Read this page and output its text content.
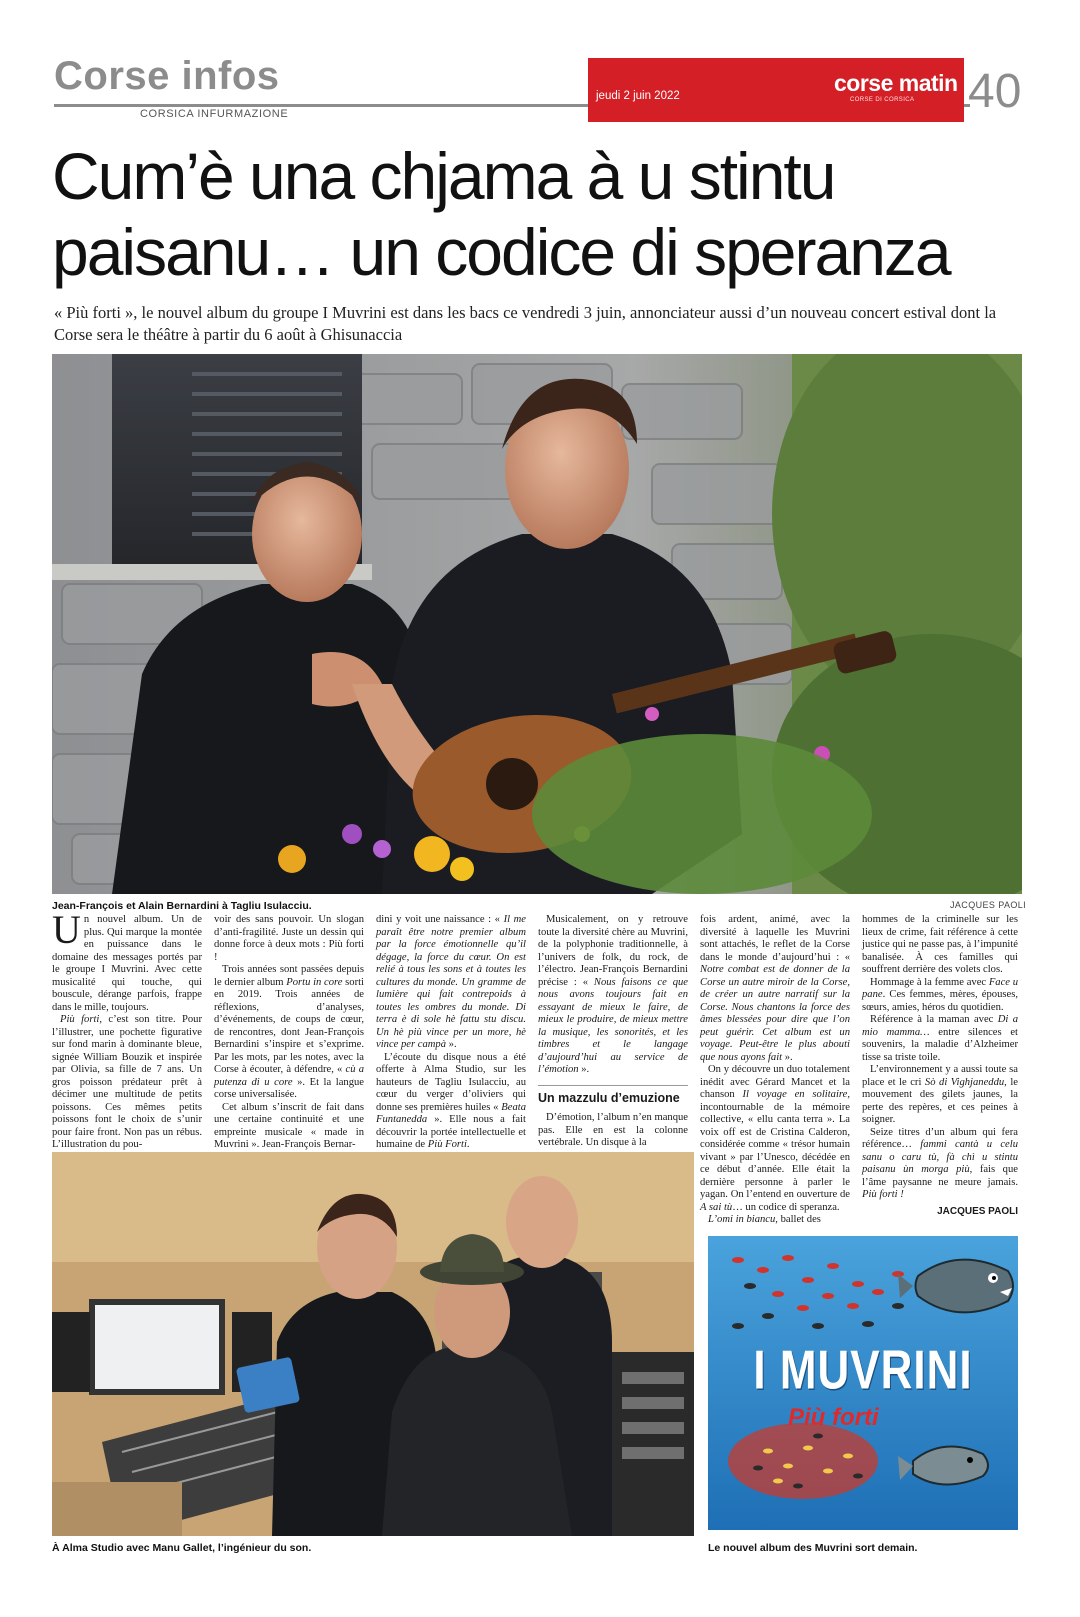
Corse infos
CORSICA INFURMAZIONE
jeudi 2 juin 2022	corse matin
CORSE DI CORSICA 40
Cum’è una chjama à u stintu
paisanu… un codice di speranza
« Più forti », le nouvel album du groupe I Muvrini est dans les bacs ce vendredi 3 juin, annonciateur aussi d’un nouveau concert estival dont la Corse sera le théâtre à partir du 6 août à Ghisunaccia
Jean-François et Alain Bernardini à Tagliu Isulacciu.	JACQUES PAOLI

Un nouvel album. Un de plus. Qui marque la montée en puissance dans le domaine des messages portés par le groupe I Muvrini. Avec cette musicalité qui touche, qui bouscule, dérange parfois, frappe dans le mille, toujours.

Più forti, c’est son titre. Pour l’illustrer, une pochette figurative sur fond marin à dominante bleue, signée William Bouzik et inspirée par Olivia, sa fille de 7 ans. Un gros poisson prédateur prêt à décimer une multitude de petits poissons. Ces mêmes petits poissons font le choix de s’unir pour faire front. Non pas un rébus. L’illustration du pou-

voir des sans pouvoir. Un slogan d’anti-fragilité. Juste un dessin qui donne force à deux mots : Più forti !

Trois années sont passées depuis le dernier album Portu in core sorti en 2019. Trois années de réflexions, d’analyses, d’événements, de coups de cœur, de rencontres, dont Jean-François Bernardini s’inspire et s’exprime. Par les mots, par les notes, avec la Corse à écouter, à défendre, « cù a putenza di u core ». Et la langue corse universalisée.

Cet album s’inscrit de fait dans une certaine continuité et une empreinte musicale « made in Muvrini ». Jean-François Bernar-

dini y voit une naissance : « Il me paraît être notre premier album par la force émotionnelle qu’il dégage, la force du cœur. On est relié à tous les sons et à toutes les cultures du monde. Un gramme de lumière qui fait contrepoids à toutes les ombres du monde. Di terra è di sole hè fattu stu discu. Un hè più vince per un more, hè vince per campà ».

L’écoute du disque nous a été offerte à Alma Studio, sur les hauteurs de Tagliu Isulacciu, au cœur du verger d’oliviers qui donne ses premières huiles « Beata Funtanedda ». Elle nous a fait découvrir la portée intellectuelle et humaine de Più Forti.

Musicalement, on y retrouve toute la diversité chère au Muvrini, de la polyphonie traditionnelle, à l’univers de folk, du rock, de l’électro. Jean-François Bernardini précise : « Nous faisons ce que nous avons toujours fait en essayant de mieux le faire, de mieux le produire, de mieux mettre la musique, les sonorités, et les timbres et le langage d’aujourd’hui au service de l’émotion ».

Un mazzulu d’emuzione

D’émotion, l’album n’en manque pas. Elle en est la colonne vertébrale. Un disque à la

fois ardent, animé, avec la diversité à laquelle les Muvrini sont attachés, le reflet de la Corse dans le monde d’aujourd’hui : « Notre combat est de donner de la Corse un autre miroir de la Corse, de créer un autre narratif sur la Corse. Nous chantons la force des âmes blessées pour dire que l’on peut guérir. Cet album est un voyage. Peut-être le plus abouti que nous ayons fait ».

On y découvre un duo totalement inédit avec Gérard Mancet et la chanson Il voyage en solitaire, incontournable de la mémoire collective, « ellu canta terra ». La voix off est de Cristina Calderon, considérée comme « trésor humain vivant » par l’Unesco, décédée en ce début d’année. Elle était la dernière personne à parler le yagan. On l’entend en ouverture de A sai tù… un codice di speranza.

L’omi in biancu, ballet des

hommes de la criminelle sur les lieux de crime, fait référence à cette justice qui ne passe pas, à l’impunité banalisée. À ces familles qui souffrent derrière des volets clos.

Hommage à la femme avec Face u pane. Ces femmes, mères, épouses, sœurs, amies, héros du quotidien.

Référence à la maman avec Di a mio mamma… entre silences et souvenirs, la maladie d’Alzheimer tisse sa triste toile.

L’environnement y a aussi toute sa place et le cri Sò di Vighjaneddu, le mouvement des gilets jaunes, la perte des repères, et ces peines à soigner.

Seize titres d’un album qui fera référence… fammi cantà u celu sanu o caru tù, fà chì u stintu paisanu ùn morga più, fais que l’âme paysanne ne meure jamais. Più forti !

JACQUES PAOLI
À Alma Studio avec Manu Gallet, l’ingénieur du son.
I MUVRINI
Più forti
Le nouvel album des Muvrini sort demain.
